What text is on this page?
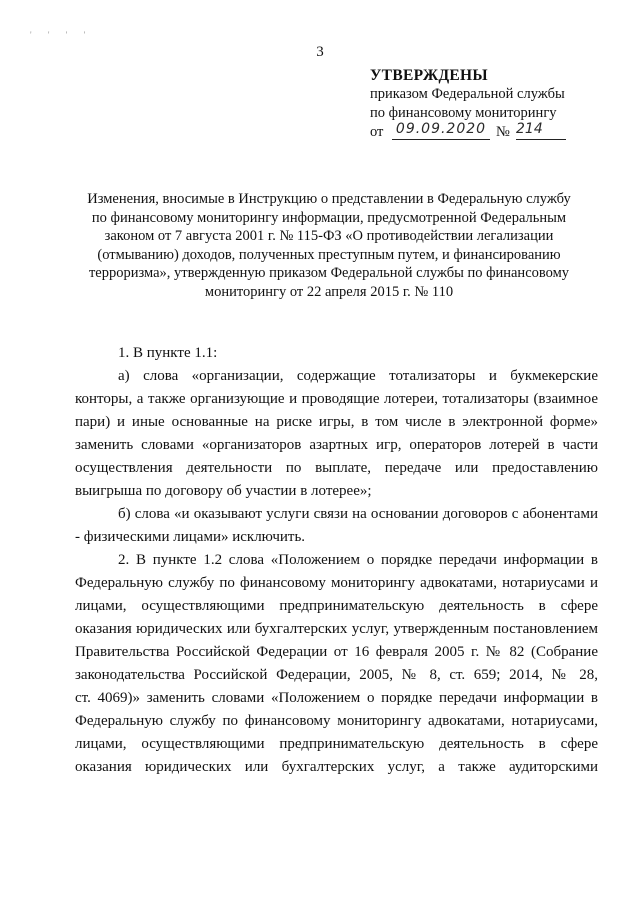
' ' ' '
3
УТВЕРЖДЕНЫ
приказом Федеральной службы
по финансовому мониторингу
от 09.09.2020 № 214
Изменения, вносимые в Инструкцию о представлении в Федеральную службу
по финансовому мониторингу информации, предусмотренной Федеральным
законом от 7 августа 2001 г. № 115-ФЗ «О противодействии легализации
(отмыванию) доходов, полученных преступным путем, и финансированию
терроризма», утвержденную приказом Федеральной службы по финансовому
мониторингу от 22 апреля 2015 г. № 110

1. В пункте 1.1:

а) слова «организации, содержащие тотализаторы и букмекерские

конторы, а также организующие и проводящие лотереи, тотализаторы (взаимное

пари) и иные основанные на риске игры, в том числе в электронной форме»

заменить словами «организаторов азартных игр, операторов лотерей в части

осуществления деятельности по выплате, передаче или предоставлению

выигрыша по договору об участии в лотерее»;

б) слова «и оказывают услуги связи на основании договоров с абонентами

- физическими лицами» исключить.

2. В пункте 1.2 слова «Положением о порядке передачи информации в

Федеральную службу по финансовому мониторингу адвокатами, нотариусами и

лицами, осуществляющими предпринимательскую деятельность в сфере

оказания юридических или бухгалтерских услуг, утвержденным постановлением

Правительства Российской Федерации от 16 февраля 2005 г. № 82 (Собрание

законодательства Российской Федерации, 2005, № 8, ст. 659; 2014, № 28,

ст. 4069)» заменить словами «Положением о порядке передачи информации в

Федеральную службу по финансовому мониторингу адвокатами, нотариусами,

лицами, осуществляющими предпринимательскую деятельность в сфере

оказания юридических или бухгалтерских услуг, а также аудиторскими
